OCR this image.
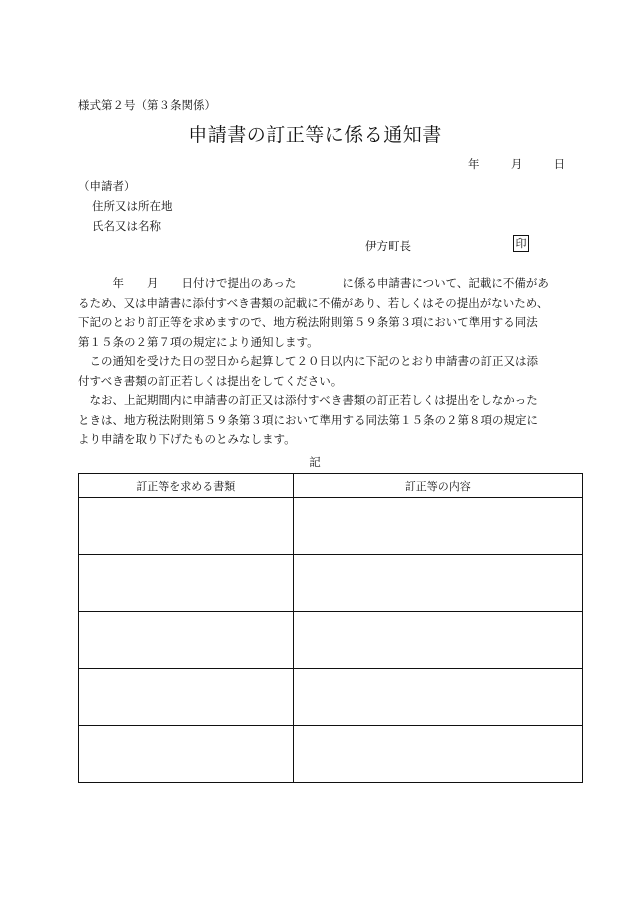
様式第２号（第３条関係）
申請書の訂正等に係る通知書
年	月	日
（申請者）
住所又は所在地
氏名又は名称
伊方町長	印

　　　年　　月　　日付けで提出のあった　　　　に係る申請書について、記載に不備があ

るため、又は申請書に添付すべき書類の記載に不備があり、若しくはその提出がないため、

下記のとおり訂正等を求めますので、地方税法附則第５９条第３項において準用する同法

第１５条の２第７項の規定により通知します。

　この通知を受けた日の翌日から起算して２０日以内に下記のとおり申請書の訂正又は添

付すべき書類の訂正若しくは提出をしてください。

　なお、上記期間内に申請書の訂正又は添付すべき書類の訂正若しくは提出をしなかった

ときは、地方税法附則第５９条第３項において準用する同法第１５条の２第８項の規定に

より申請を取り下げたものとみなします。

記
訂正等を求める書類	訂正等の内容
